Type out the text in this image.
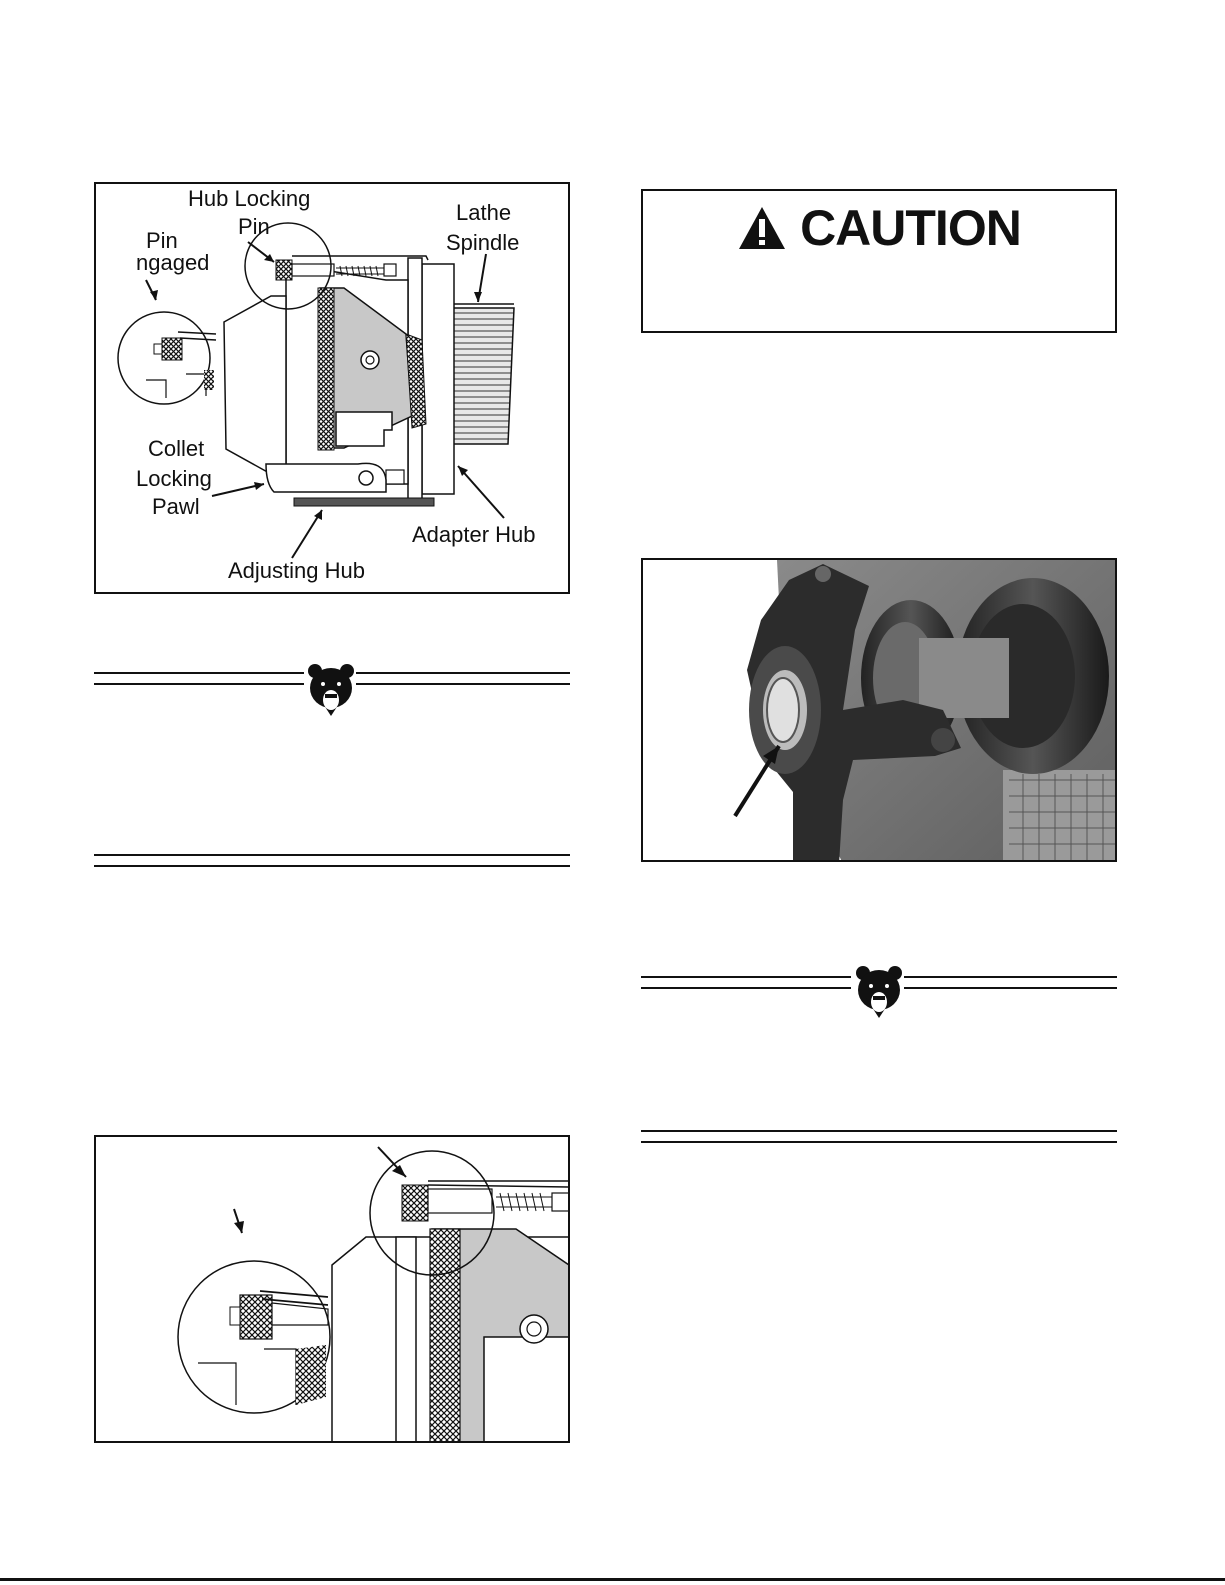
Hub Locking
Pin
Pin
ngaged
Lathe
Spindle
Collet
Locking
Pawl
Adapter Hub
Adjusting Hub
CAUTION
